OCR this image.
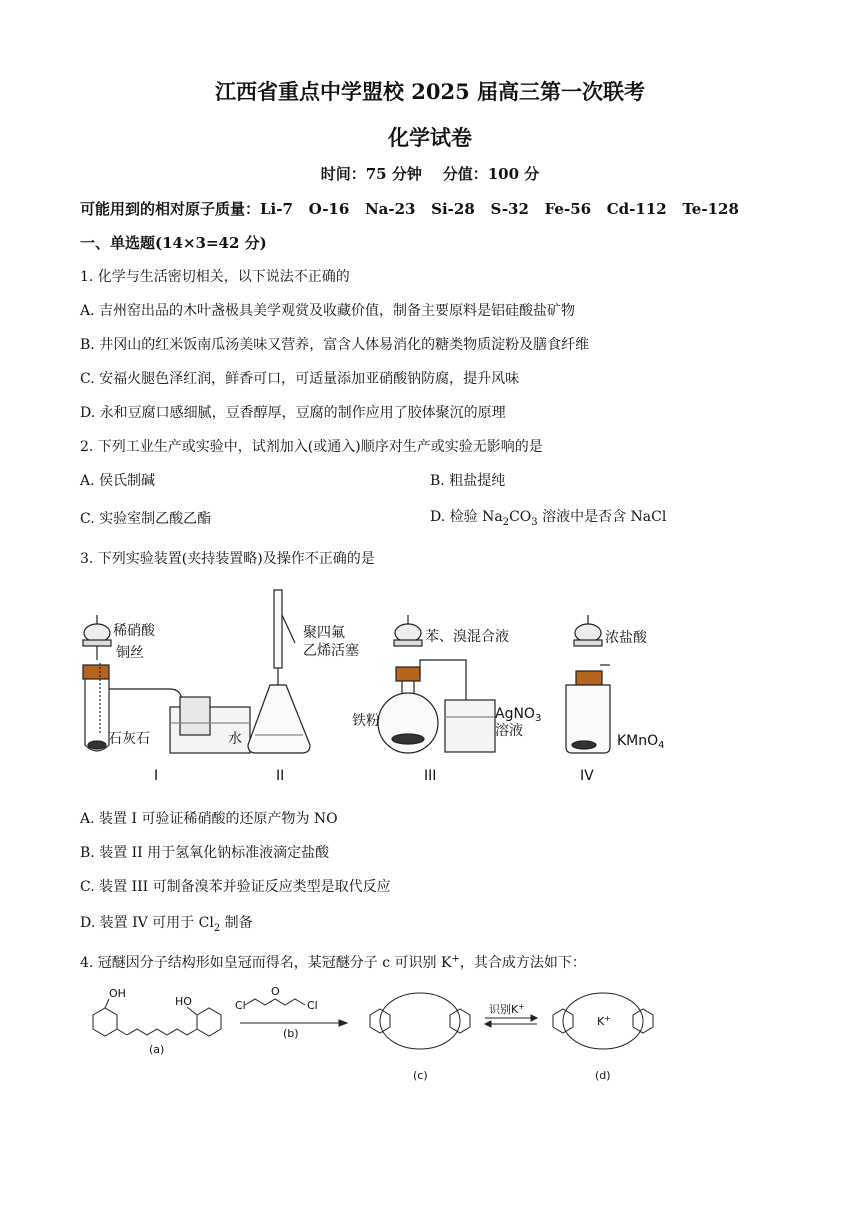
江西省重点中学盟校 2025 届高三第一次联考
化学试卷
时间：75 分钟    分值：100 分
可能用到的相对原子质量：Li-7   O-16   Na-23   Si-28   S-32   Fe-56   Cd-112   Te-128
一、单选题(14×3=42 分)
1. 化学与生活密切相关，以下说法不正确的
A. 吉州窑出品的木叶盏极具美学观赏及收藏价值，制备主要原料是铝硅酸盐矿物
B. 井冈山的红米饭南瓜汤美味又营养，富含人体易消化的糖类物质淀粉及膳食纤维
C. 安福火腿色泽红润，鲜香可口，可适量添加亚硝酸钠防腐，提升风味
D. 永和豆腐口感细腻，豆香醇厚，豆腐的制作应用了胶体聚沉的原理
2. 下列工业生产或实验中，试剂加入(或通入)顺序对生产或实验无影响的是
A. 侯氏制碱	B. 粗盐提纯
C. 实验室制乙酸乙酯	D. 检验 $Na_2CO_3$ 溶液中是否含 NaCl
3. 下列实验装置(夹持装置略)及操作不正确的是
稀硝酸
铜丝
石灰石	水
I
聚四氟
乙烯活塞
II
苯、溴混合液
铁粉	AgNO$_3$
溶液
III
浓盐酸
KMnO$_4$
IV
A. 装置 I 可验证稀硝酸的还原产物为 NO
B. 装置 II 用于氢氧化钠标准液滴定盐酸
C. 装置 III 可制备溴苯并验证反应类型是取代反应
D. 装置 IV 可用于 $Cl_2$ 制备
4. 冠醚因分子结构形如皇冠而得名，某冠醚分子 c 可识别 K+，其合成方法如下：
OH
HO
(a)
Cl
O
Cl
(b)
(c)
识别K+
K+
(d)
